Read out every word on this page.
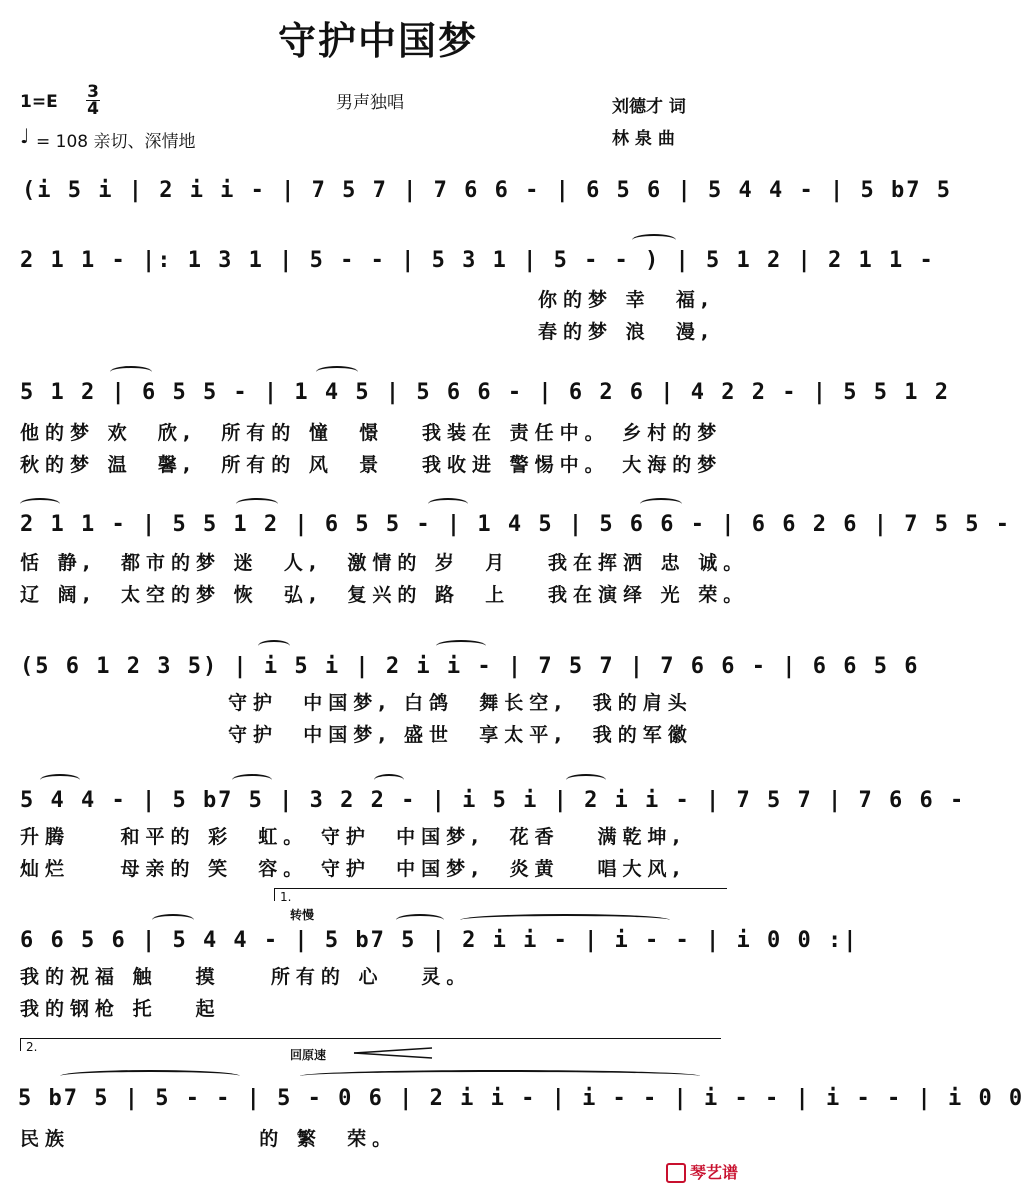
守护中国梦
1=E 3
4	男声独唱	刘德才 词
♩ = 108 亲切、深情地	林 泉 曲
(i 5 i | 2 i i - | 7 5 7 | 7 6 6 - | 6 5 6 | 5 4 4 - | 5 b7 5
2 1 1 - |: 1 3 1 | 5 - - | 5 3 1 | 5 - - ) | 5 1 2 | 2 1 1 -
你的梦 幸  福,
春的梦 浪  漫,
5 1 2 | 6 5 5 - | 1 4 5 | 5 6 6 - | 6 2 6 | 4 2 2 - | 5 5 1 2
他的梦 欢  欣,  所有的 憧  憬   我装在 责任中。 乡村的梦
秋的梦 温  馨,  所有的 风  景   我收进 警惕中。 大海的梦
2 1 1 - | 5 5 1 2 | 6 5 5 - | 1 4 5 | 5 6 6 - | 6 6 2 6 | 7 5 5 -
恬 静,  都市的梦 迷  人,  激情的 岁  月   我在挥洒 忠 诚。
辽 阔,  太空的梦 恢  弘,  复兴的 路  上   我在演绎 光 荣。
(5 6 1 2 3 5) | i 5 i | 2 i i - | 7 5 7 | 7 6 6 - | 6 6 5 6
守护  中国梦, 白鸽  舞长空,  我的肩头
守护  中国梦, 盛世  享太平,  我的军徽
5 4 4 - | 5 b7 5 | 3 2 2 - | i 5 i | 2 i i - | 7 5 7 | 7 6 6 -
升腾    和平的 彩  虹。 守护  中国梦,  花香   满乾坤,
灿烂    母亲的 笑  容。 守护  中国梦,  炎黄   唱大风,
1.
转慢
6 6 5 6 | 5 4 4 - | 5 b7 5 | 2 i i - | i - - | i 0 0 :|
我的祝福 触   摸    所有的 心   灵。
我的钢枪 托   起
2.
回原速
5 b7 5 | 5 - - | 5 - 0 6 | 2 i i - | i - - | i - - | i - - | i 0 0
民族               的 繁  荣。
琴艺谱
